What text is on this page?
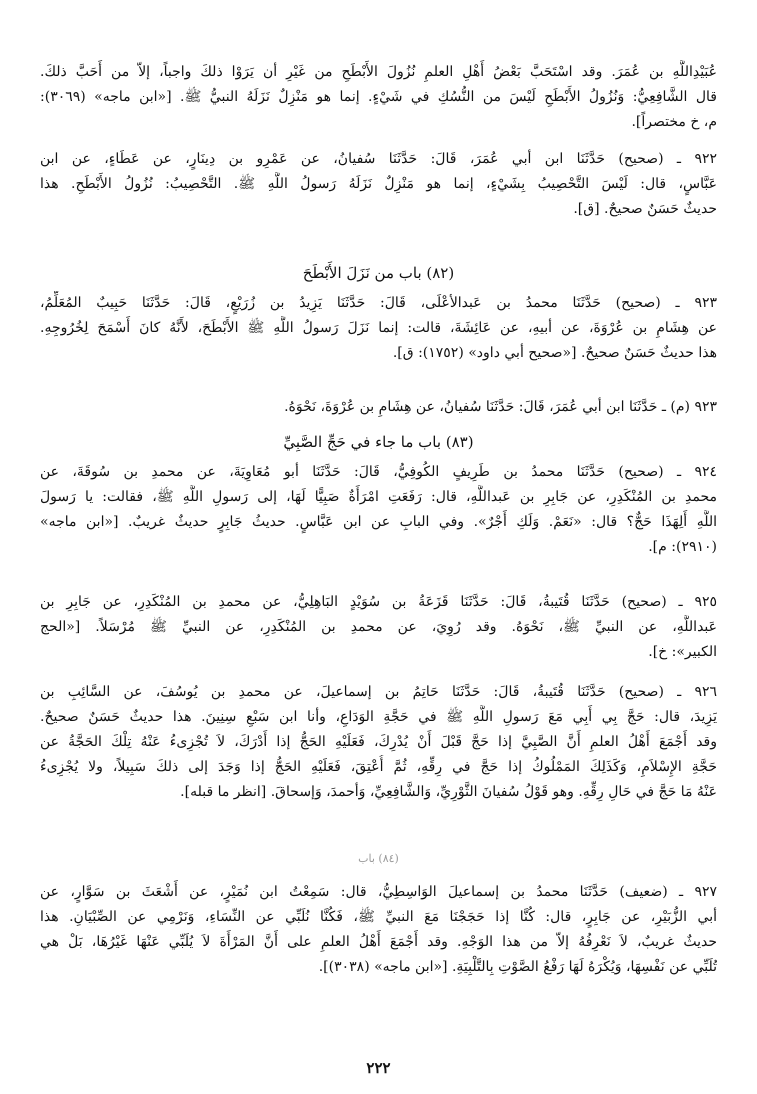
عُبَيْدِاللَّهِ بن عُمَرَ. وقد اسْتَحَبَّ بَعْضُ أَهْلِ العلمِ نُزُولَ الأَبْطَحِ من غَيْرِ أن يَرَوْا ذلكَ واجباً، إلاّ من أَحَبَّ ذلكَ.
قال الشَّافِعِيُّ: وَنُزُولُ الأَبْطَحِ لَيْسَ من النُّسُكِ في شَيْءٍ. إنما هو مَنْزِلٌ نَزَلَهُ النبيُّ ﷺ. [«ابن ماجه» (٣٠٦٩):
م، خ مختصراً].
٩٢٢ ـ (صحيح) حَدَّثَنَا ابن أبي عُمَرَ، قَالَ: حَدَّثَنَا سُفيانُ، عن عَمْرِو بن دِينَارٍ، عن عَطَاءٍ، عن ابن
عَبَّاسٍ، قال: لَيْسَ التَّحْصِيبُ بِشَيْءٍ، إنما هو مَنْزِلٌ نَزَلَهُ رَسولُ اللَّهِ ﷺ. التَّحْصِيبُ: نُزُولُ الأَبْطَحِ. هذا
حديثٌ حَسَنٌ صحيحٌ. [ق].
(٨٢) باب من نَزَلَ الأَبْطَحَ
٩٢٣ ـ (صحيح) حَدَّثَنَا محمدُ بن عَبدالأعْلَى، قَالَ: حَدَّثَنَا يَزِيدُ بن زُرَيْعٍ، قَالَ: حَدَّثَنَا حَبِيبٌ المُعَلِّمُ،
عن هِشَامِ بن عُرْوَةَ، عن أبيهِ، عن عَائِشَةَ، قالت: إنما نَزَلَ رَسولُ اللَّهِ ﷺ الأَبْطَحَ، لأَنَّهُ كانَ أَسْمَحَ لِخُرُوجِهِ.
هذا حديثٌ حَسَنٌ صحيحٌ. [«صحيح أبي داود» (١٧٥٢): ق].
٩٢٣ (م) ـ حَدَّثَنَا ابن أبي عُمَرَ، قَالَ: حَدَّثَنَا سُفيانُ، عن هِشَامِ بن عُرْوَةَ، نَحْوَهُ.
(٨٣) باب ما جاء في حَجِّ الصَّبِيِّ
٩٢٤ ـ (صحيح) حَدَّثَنَا محمدُ بن طَرِيفٍ الكُوفِيُّ، قَالَ: حَدَّثَنَا أبو مُعَاوِيَةَ، عن محمدِ بن سُوقَةَ، عن
محمدِ بن المُنْكَدِرِ، عن جَابِرِ بن عَبداللَّهِ، قال: رَفَعَتِ امْرَأَةٌ صَبِيًّا لَهَا، إلى رَسولِ اللَّهِ ﷺ، فقالت: يا رَسولَ
اللَّهِ أَلِهَذَا حَجٌّ؟ قال: «نَعَمْ. وَلَكِ أَجْرٌ». وفي البابِ عن ابن عَبَّاسٍ. حديثُ جَابِرٍ حديثٌ غريبٌ. [«ابن ماجه»
(٢٩١٠): م].
٩٢٥ ـ (صحيح) حَدَّثَنَا قُتَيبةُ، قَالَ: حَدَّثَنَا قَزَعَةُ بن سُوَيْدٍ البَاهِلِيُّ، عن محمدِ بن المُنْكَدِرِ، عن جَابِرِ بن
عَبداللَّهِ، عن النبيِّ ﷺ، نَحْوَهُ. وقد رُوِيَ، عن محمدِ بن المُنْكَدِرِ، عن النبيِّ ﷺ مُرْسَلاً. [«الحج
الكبير»: خ].
٩٢٦ ـ (صحيح) حَدَّثَنَا قُتَيبةُ، قَالَ: حَدَّثَنَا حَاتِمُ بن إسماعيلَ، عن محمدِ بن يُوسُفَ، عن السَّائِبِ بن
يَزِيدَ، قال: حَجَّ بِي أَبِي مَعَ رَسولِ اللَّهِ ﷺ في حَجَّةِ الوَدَاعِ، وأنا ابن سَبْعِ سِنِينَ. هذا حديثٌ حَسَنٌ صحيحٌ.
وقد أَجْمَعَ أَهْلُ العلمِ أَنَّ الصَّبِيَّ إذا حَجَّ قَبْلَ أَنْ يُدْرِكَ، فَعَلَيْهِ الحَجُّ إذا أَدْرَكَ، لاَ تُجْزِىءُ عَنْهُ تِلْكَ الحَجَّةُ عن
حَجَّةِ الإِسْلاَمِ، وَكَذَلِكَ المَمْلُوكُ إذا حَجَّ في رِقِّهِ، ثُمَّ أُعْتِقَ، فَعَلَيْهِ الحَجُّ إذا وَجَدَ إلى ذلكَ سَبِيلاً، ولا يُجْزِىءُ
عَنْهُ مَا حَجَّ في حَالِ رِقِّهِ. وهو قَوْلُ سُفيانَ الثَّوْرِيِّ، وَالشَّافِعِيِّ، وَأحمدَ، وَإسحاقَ. [انظر ما قبله].
(٨٤) باب
٩٢٧ ـ (ضعيف) حَدَّثَنَا محمدُ بن إسماعيلَ الوَاسِطِيُّ، قال: سَمِعْتُ ابن نُمَيْرٍ، عن أَشْعَثَ بن سَوَّارٍ، عن
أبي الزُّبَيْرِ، عن جَابِرٍ، قال: كُنَّا إذا حَجَجْنَا مَعَ النبيِّ ﷺ، فَكُنَّا نُلَبِّي عن النِّسَاءِ، وَنَرْمِي عن الصِّبْيَانِ. هذا
حديثٌ غريبٌ، لاَ نَعْرِفُهُ إلاّ من هذا الوَجْهِ. وقد أَجْمَعَ أَهْلُ العلمِ على أَنَّ المَرْأَةَ لاَ يُلَبِّي عَنْهَا غَيْرُهَا، بَلْ هي
تُلَبِّي عن نَفْسِهَا، وَيُكْرَهُ لَهَا رَفْعُ الصَّوْتِ بِالتَّلْبِيَةِ. [«ابن ماجه» (٣٠٣٨)].
٢٢٢
